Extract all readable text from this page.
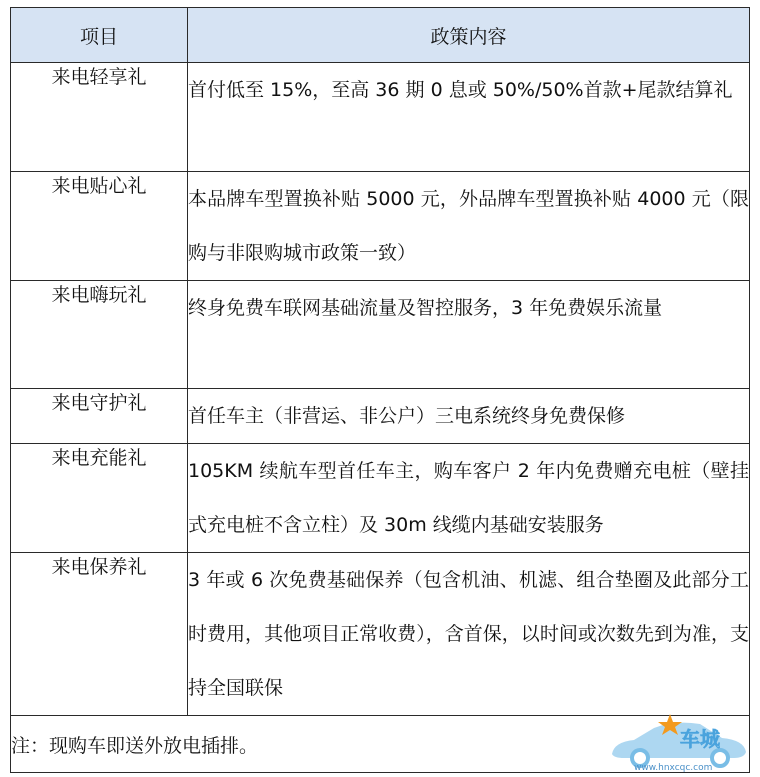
项目	政策内容
来电轻享礼	首付低至 15%，至高 36 期 0 息或 50%/50%首款+尾款结算礼
来电贴心礼	本品牌车型置换补贴 5000 元，外品牌车型置换补贴 4000 元（限购与非限购城市政策一致）
来电嗨玩礼	终身免费车联网基础流量及智控服务，3 年免费娱乐流量
来电守护礼	首任车主（非营运、非公户）三电系统终身免费保修
来电充能礼	105KM 续航车型首任车主，购车客户 2 年内免费赠充电桩（壁挂式充电桩不含立柱）及 30m 线缆内基础安装服务
来电保养礼	3 年或 6 次免费基础保养（包含机油、机滤、组合垫圈及此部分工时费用，其他项目正常收费），含首保，以时间或次数先到为准，支持全国联保
注：现购车即送外放电插排。		车城
www.hnxcqc.com
